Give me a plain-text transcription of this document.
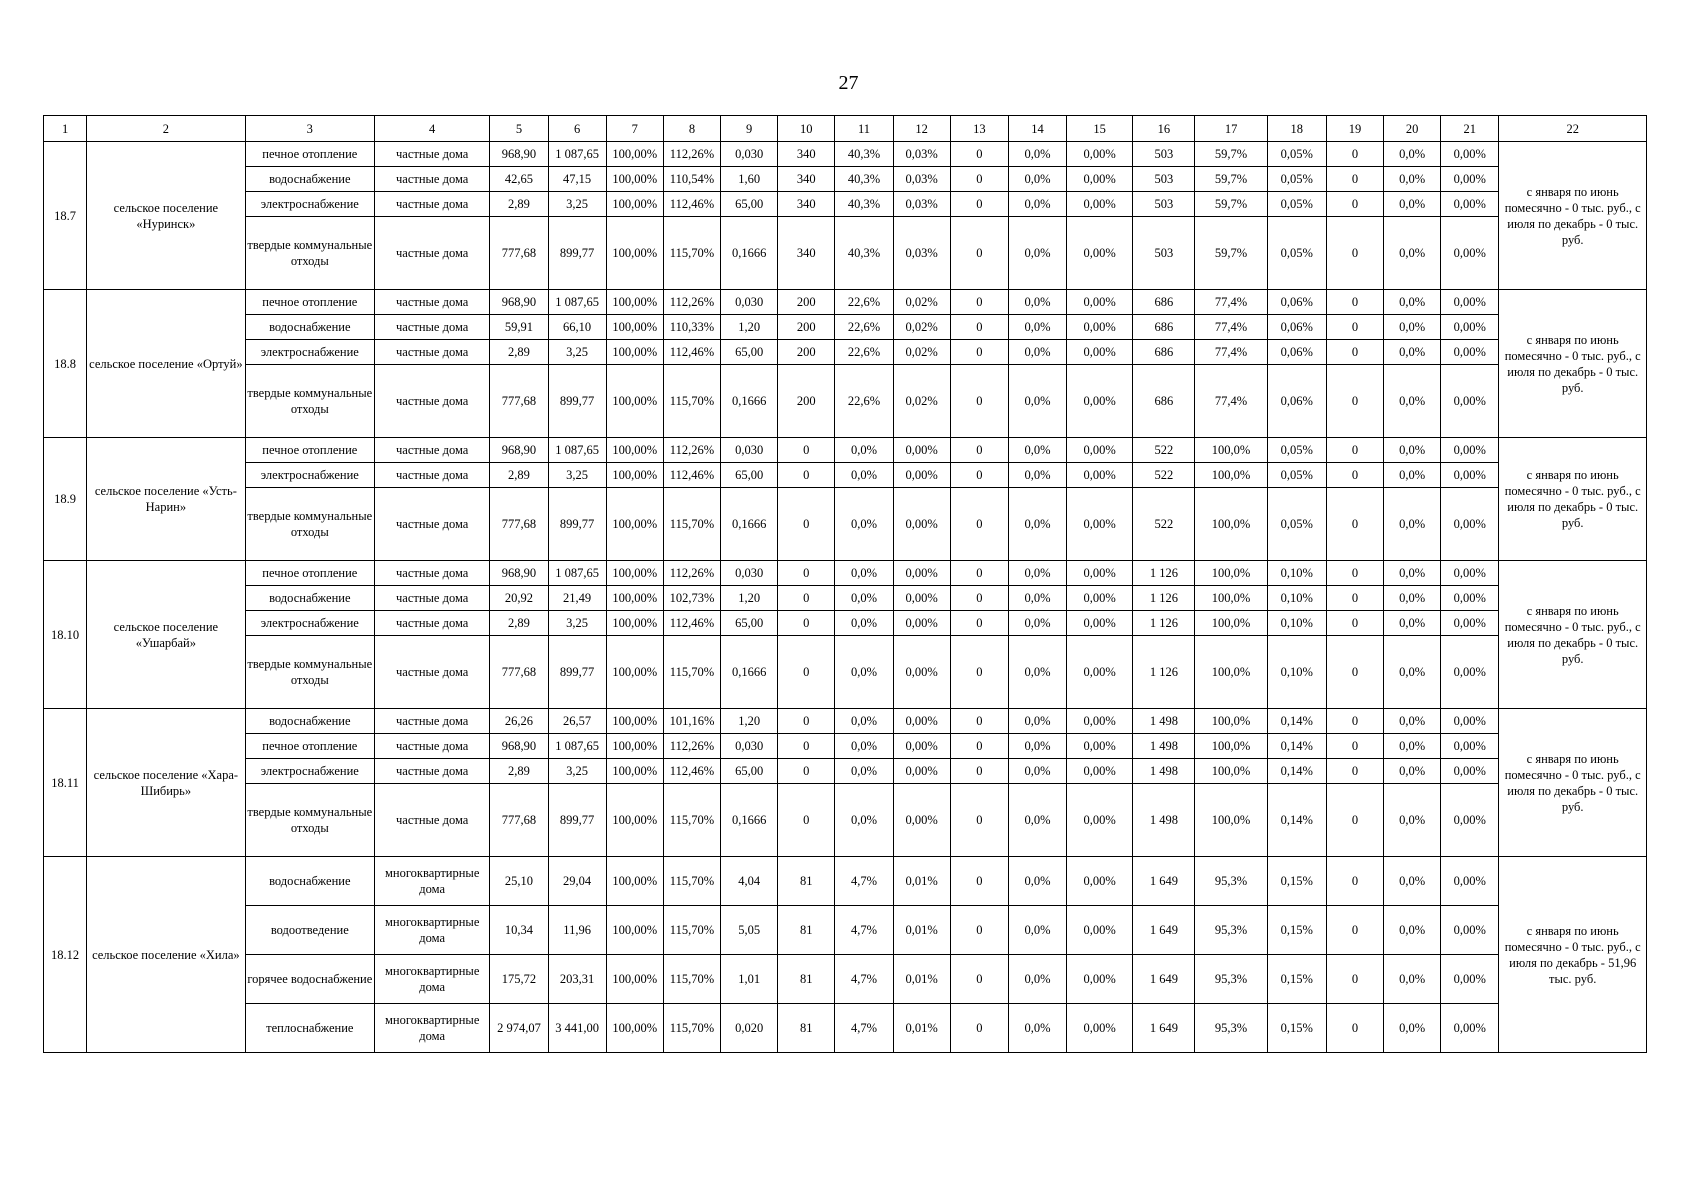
27
1	2	3	4	5	6	7	8	9	10	11	12	13	14	15	16	17	18	19	20	21	22
18.7	сельское поселение «Нуринск»	печное отопление	частные дома	968,90	1 087,65	100,00%	112,26%	0,030	340	40,3%	0,03%	0	0,0%	0,00%	503	59,7%	0,05%	0	0,0%	0,00%	с января по июнь помесячно - 0 тыс. руб., с июля по декабрь - 0 тыс. руб.
		водоснабжение	частные дома	42,65	47,15	100,00%	110,54%	1,60	340	40,3%	0,03%	0	0,0%	0,00%	503	59,7%	0,05%	0	0,0%	0,00%	
		электроснабжение	частные дома	2,89	3,25	100,00%	112,46%	65,00	340	40,3%	0,03%	0	0,0%	0,00%	503	59,7%	0,05%	0	0,0%	0,00%	
		твердые коммунальные отходы	частные дома	777,68	899,77	100,00%	115,70%	0,1666	340	40,3%	0,03%	0	0,0%	0,00%	503	59,7%	0,05%	0	0,0%	0,00%	
18.8	сельское поселение «Ортуй»	печное отопление	частные дома	968,90	1 087,65	100,00%	112,26%	0,030	200	22,6%	0,02%	0	0,0%	0,00%	686	77,4%	0,06%	0	0,0%	0,00%	с января по июнь помесячно - 0 тыс. руб., с июля по декабрь - 0 тыс. руб.
		водоснабжение	частные дома	59,91	66,10	100,00%	110,33%	1,20	200	22,6%	0,02%	0	0,0%	0,00%	686	77,4%	0,06%	0	0,0%	0,00%	
		электроснабжение	частные дома	2,89	3,25	100,00%	112,46%	65,00	200	22,6%	0,02%	0	0,0%	0,00%	686	77,4%	0,06%	0	0,0%	0,00%	
		твердые коммунальные отходы	частные дома	777,68	899,77	100,00%	115,70%	0,1666	200	22,6%	0,02%	0	0,0%	0,00%	686	77,4%	0,06%	0	0,0%	0,00%	
18.9	сельское поселение «Усть-Нарин»	печное отопление	частные дома	968,90	1 087,65	100,00%	112,26%	0,030	0	0,0%	0,00%	0	0,0%	0,00%	522	100,0%	0,05%	0	0,0%	0,00%	с января по июнь помесячно - 0 тыс. руб., с июля по декабрь - 0 тыс. руб.
		электроснабжение	частные дома	2,89	3,25	100,00%	112,46%	65,00	0	0,0%	0,00%	0	0,0%	0,00%	522	100,0%	0,05%	0	0,0%	0,00%	
		твердые коммунальные отходы	частные дома	777,68	899,77	100,00%	115,70%	0,1666	0	0,0%	0,00%	0	0,0%	0,00%	522	100,0%	0,05%	0	0,0%	0,00%	
18.10	сельское поселение «Ушарбай»	печное отопление	частные дома	968,90	1 087,65	100,00%	112,26%	0,030	0	0,0%	0,00%	0	0,0%	0,00%	1 126	100,0%	0,10%	0	0,0%	0,00%	с января по июнь помесячно - 0 тыс. руб., с июля по декабрь - 0 тыс. руб.
		водоснабжение	частные дома	20,92	21,49	100,00%	102,73%	1,20	0	0,0%	0,00%	0	0,0%	0,00%	1 126	100,0%	0,10%	0	0,0%	0,00%	
		электроснабжение	частные дома	2,89	3,25	100,00%	112,46%	65,00	0	0,0%	0,00%	0	0,0%	0,00%	1 126	100,0%	0,10%	0	0,0%	0,00%	
		твердые коммунальные отходы	частные дома	777,68	899,77	100,00%	115,70%	0,1666	0	0,0%	0,00%	0	0,0%	0,00%	1 126	100,0%	0,10%	0	0,0%	0,00%	
18.11	сельское поселение «Хара-Шибирь»	водоснабжение	частные дома	26,26	26,57	100,00%	101,16%	1,20	0	0,0%	0,00%	0	0,0%	0,00%	1 498	100,0%	0,14%	0	0,0%	0,00%	с января по июнь помесячно - 0 тыс. руб., с июля по декабрь - 0 тыс. руб.
		печное отопление	частные дома	968,90	1 087,65	100,00%	112,26%	0,030	0	0,0%	0,00%	0	0,0%	0,00%	1 498	100,0%	0,14%	0	0,0%	0,00%	
		электроснабжение	частные дома	2,89	3,25	100,00%	112,46%	65,00	0	0,0%	0,00%	0	0,0%	0,00%	1 498	100,0%	0,14%	0	0,0%	0,00%	
		твердые коммунальные отходы	частные дома	777,68	899,77	100,00%	115,70%	0,1666	0	0,0%	0,00%	0	0,0%	0,00%	1 498	100,0%	0,14%	0	0,0%	0,00%	
18.12	сельское поселение «Хила»	водоснабжение	многоквартирные дома	25,10	29,04	100,00%	115,70%	4,04	81	4,7%	0,01%	0	0,0%	0,00%	1 649	95,3%	0,15%	0	0,0%	0,00%	с января по июнь помесячно - 0 тыс. руб., с июля по декабрь - 51,96 тыс. руб.
		водоотведение	многоквартирные дома	10,34	11,96	100,00%	115,70%	5,05	81	4,7%	0,01%	0	0,0%	0,00%	1 649	95,3%	0,15%	0	0,0%	0,00%	
		горячее водоснабжение	многоквартирные дома	175,72	203,31	100,00%	115,70%	1,01	81	4,7%	0,01%	0	0,0%	0,00%	1 649	95,3%	0,15%	0	0,0%	0,00%	
		теплоснабжение	многоквартирные дома	2 974,07	3 441,00	100,00%	115,70%	0,020	81	4,7%	0,01%	0	0,0%	0,00%	1 649	95,3%	0,15%	0	0,0%	0,00%	
